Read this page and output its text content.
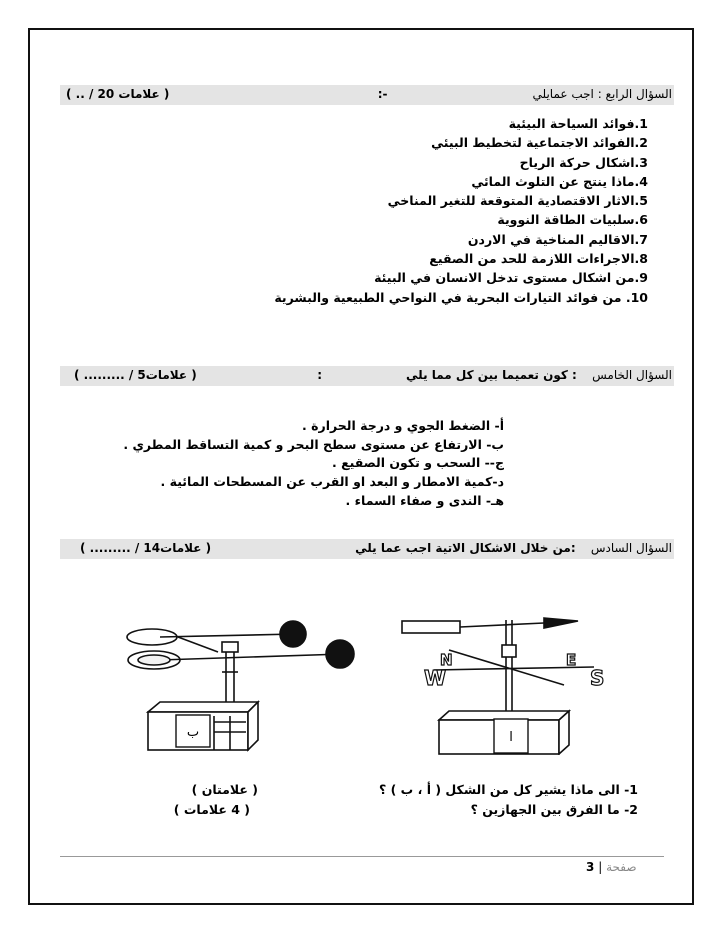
السؤال الرابع : اجب عمايلي                                      -:
( .. / 20 علامات )
1.فوائد السياحة البيئية
2.الفوائد الاجتماعية لتخطيط البيئي
3.اشكال حركة الرياح
4.ماذا ينتج عن التلوث المائي
5.الاثار الاقتصادية المتوقعة للتغير المناخي
6.سلبيات الطاقة النووية
7.الاقاليم المناخية في الاردن
8.الاجراءات اللازمة للحد من الصقيع
9.من اشكال مستوى تدخل الانسان في البيئة
10. من فوائد التيارات البحرية في النواحي الطبيعية والبشرية
السؤال الخامس    : كون تعميما بين كل مما يلي                      :
( ......... / 5علامات )
أ- الضغط الجوي و درجة الحرارة .
ب- الارتفاع عن مستوى سطح البحر و كمية التساقط المطري .
ج-- السحب و تكون الصقيع .
د-كمية الامطار و البعد او القرب عن المسطحات المائية .
هـ- الندى و صفاء السماء .
السؤال السادس    :من خلال الاشكال الاتية اجب عما يلي
( ......... / 14علامات )
ب
N	E
W	S
ا
1- الى ماذا يشير كل من الشكل ( أ ، ب ) ؟
( علامتان )
2- ما الفرق بين الجهازين ؟
( 4 علامات )
صفحة | 3
